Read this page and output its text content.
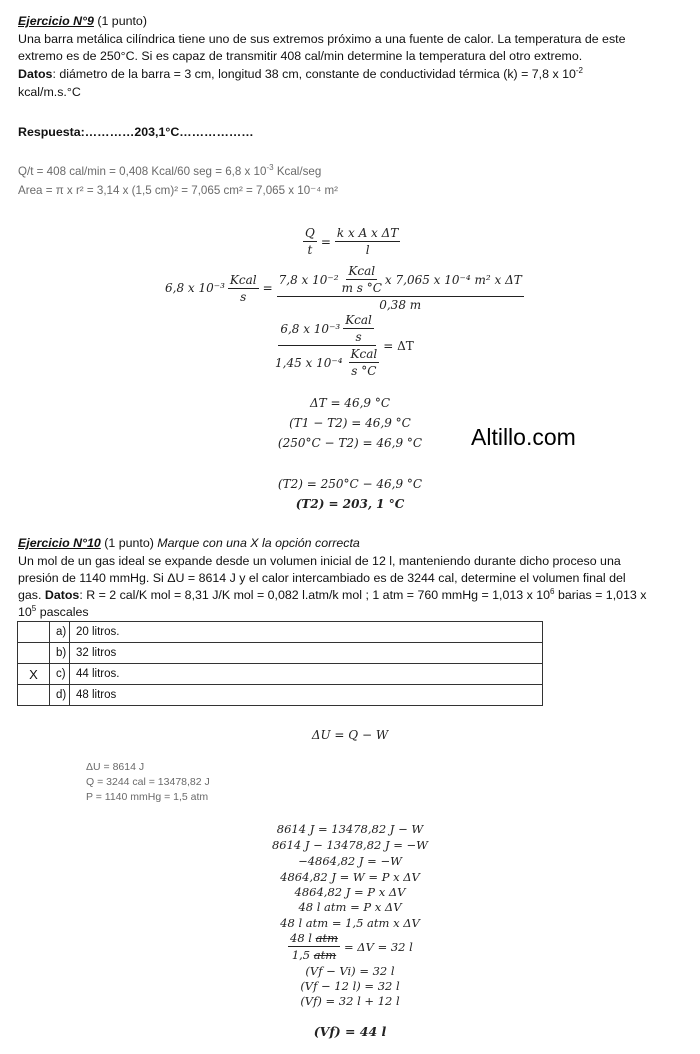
Ejercicio N°9 (1 punto)
Una barra metálica cilíndrica tiene uno de sus extremos próximo a una fuente de calor. La temperatura de este
extremo es de 250°C. Si es capaz de transmitir 408 cal/min determine la temperatura del otro extremo.
Datos: diámetro de la barra = 3 cm, longitud 38 cm, constante de conductividad térmica (k) = 7,8 x $10^{-2}$
kcal/m.s.°C
Respuesta:…………203,1°C………………
Q/t = 408 cal/min = 0,408 Kcal/60 seg = 6,8 x $10^{-3}$ Kcal/seg
Area = π x r² = 3,14 x (1,5 cm)² = 7,065 cm² = 7,065 x 10⁻⁴ m²
$\frac{Q}{t} = \frac{\text{k x A x ΔT}}{l}$
6,8 x $10^{-3} \frac{\text{Kcal}}{s} = \frac{7,8 x 10^{-2} \frac{\text{Kcal}}{\text{m s °C}} x 7,065 x 10^{-4} m^2 x \Delta T}{0,38 m}$
$\frac{6,8 x 10^{-3} \frac{\text{Kcal}}{s}}{1,45 x 10^{-4} \frac{\text{Kcal}}{s ^\circ C}} = \Delta T$
ΔT = 46,9 °C
(T1 − T2) = 46,9 °C
(250°C − T2) = 46,9 °C
(T2) = 250°C − 46,9 °C
(T2) = 203, 1 °C
Altillo.com
Ejercicio N°10 (1 punto) Marque con una X la opción correcta
Un mol de un gas ideal se expande desde un volumen inicial de 12 l, manteniendo durante dicho proceso una
presión de 1140 mmHg. Si ΔU = 8614 J y el calor intercambiado es de 3244 cal, determine el volumen final del
gas. Datos: R = 2 cal/K mol = 8,31 J/K mol = 0,082 l.atm/k mol ; 1 atm = 760 mmHg = 1,013 x $10^6$ barias = 1,013 x
$10^5$ pascales
	a)	20 litros.
	b)	32 litros
X	c)	44 litros.
	d)	48 litros
ΔU = Q − W
ΔU = 8614 J
Q = 3244 cal = 13478,82 J
P = 1140 mmHg = 1,5 atm
8614 J = 13478,82 J − W
8614 J − 13478,82 J = −W
−4864,82 J = −W
4864,82 J = W = P x ΔV
4864,82 J = P x ΔV
48 l atm = P x ΔV
48 l atm = 1,5 atm x ΔV
$\frac{\text{48 l atm}}{\text{1,5 atm}} = \Delta V = 32$ l
(Vf − Vi) = 32 l
(Vf − 12 l) = 32 l
(Vf) = 32 l + 12 l
(Vf) = 44 l
